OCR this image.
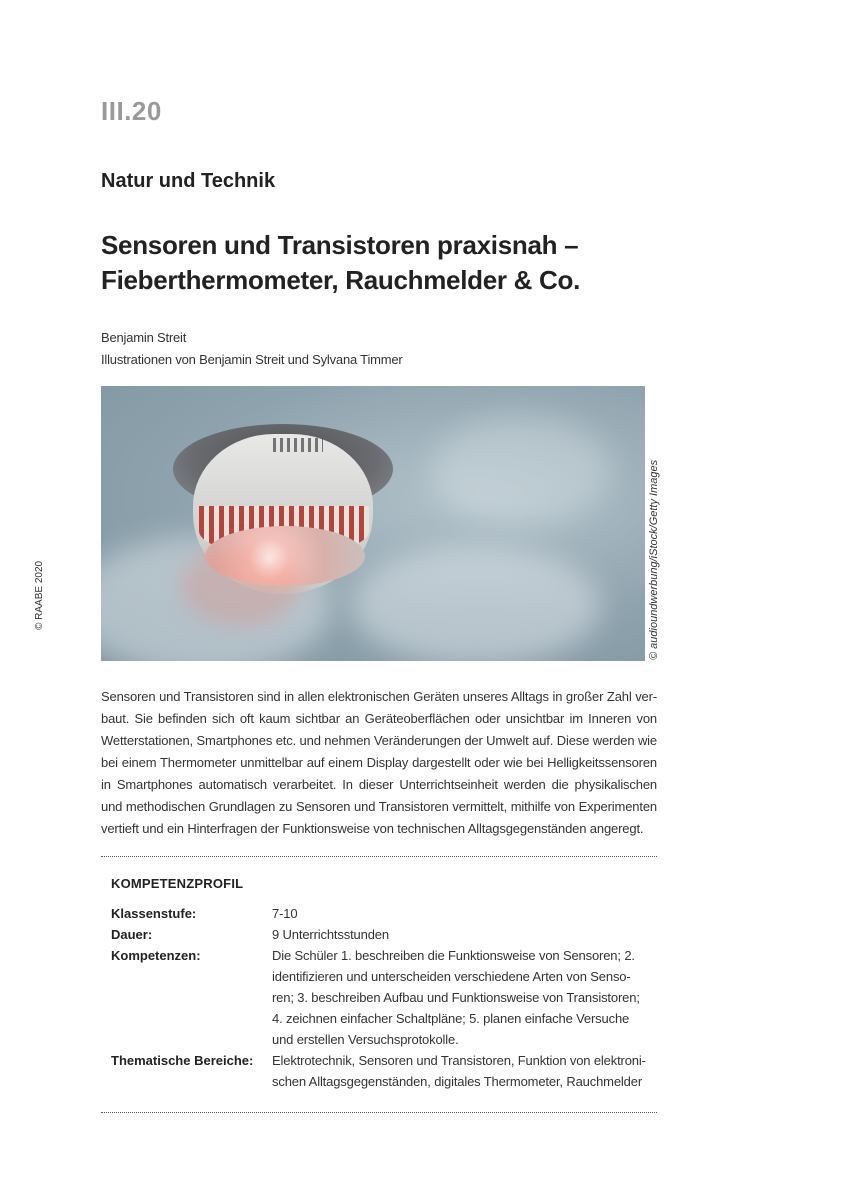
III.20
Natur und Technik
Sensoren und Transistoren praxisnah –
Fieberthermometer, Rauchmelder & Co.
Benjamin Streit
Illustrationen von Benjamin Streit und Sylvana Timmer
© audioundwerbung/iStock/Getty Images
© RAABE 2020
Sensoren und Transistoren sind in allen elektronischen Geräten unseres Alltags in großer Zahl ver-
baut. Sie befinden sich oft kaum sichtbar an Geräteoberflächen oder unsichtbar im Inneren von
Wetterstationen, Smartphones etc. und nehmen Veränderungen der Umwelt auf. Diese werden wie
bei einem Thermometer unmittelbar auf einem Display dargestellt oder wie bei Helligkeitssensoren
in Smartphones automatisch verarbeitet. In dieser Unterrichtseinheit werden die physikalischen
und methodischen Grundlagen zu Sensoren und Transistoren vermittelt, mithilfe von Experimenten
vertieft und ein Hinterfragen der Funktionsweise von technischen Alltagsgegenständen angeregt.
KOMPETENZPROFIL
Klassenstufe:	7-10
Dauer:	9 Unterrichtsstunden
Kompetenzen:	Die Schüler 1. beschreiben die Funktionsweise von Sensoren; 2.
identifizieren und unterscheiden verschiedene Arten von Senso-
ren; 3. beschreiben Aufbau und Funktionsweise von Transistoren;
4. zeichnen einfacher Schaltpläne; 5. planen einfache Versuche
und erstellen Versuchsprotokolle.
Thematische Bereiche:	Elektrotechnik, Sensoren und Transistoren, Funktion von elektroni-
schen Alltagsgegenständen, digitales Thermometer, Rauchmelder
